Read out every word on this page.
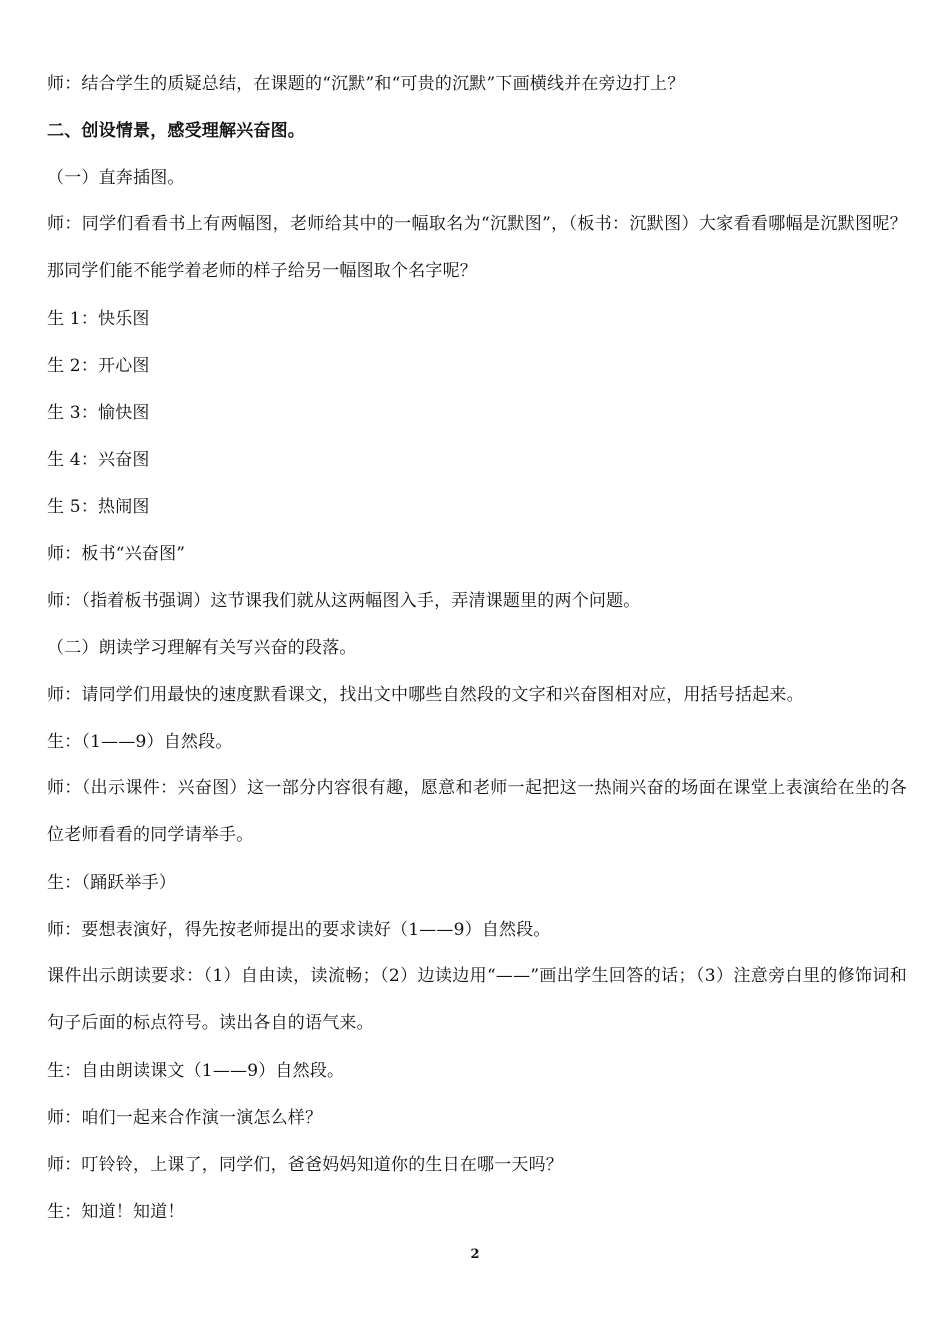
师：结合学生的质疑总结，在课题的“沉默”和“可贵的沉默”下画横线并在旁边打上？
二、创设情景，感受理解兴奋图。
（一）直奔插图。
师：同学们看看书上有两幅图，老师给其中的一幅取名为“沉默图”，（板书：沉默图）大家看看哪幅是沉默图呢？那同学们能不能学着老师的样子给另一幅图取个名字呢？
生 1：快乐图
生 2：开心图
生 3：愉快图
生 4：兴奋图
生 5：热闹图
师：板书“兴奋图”
师：（指着板书强调）这节课我们就从这两幅图入手，弄清课题里的两个问题。
（二）朗读学习理解有关写兴奋的段落。
师：请同学们用最快的速度默看课文，找出文中哪些自然段的文字和兴奋图相对应，用括号括起来。
生：（1——9）自然段。
师：（出示课件：兴奋图）这一部分内容很有趣，愿意和老师一起把这一热闹兴奋的场面在课堂上表演给在坐的各位老师看看的同学请举手。
生：（踊跃举手）
师：要想表演好，得先按老师提出的要求读好（1——9）自然段。
课件出示朗读要求：（1）自由读，读流畅；（2）边读边用“——”画出学生回答的话；（3）注意旁白里的修饰词和句子后面的标点符号。读出各自的语气来。
生：自由朗读课文（1——9）自然段。
师：咱们一起来合作演一演怎么样？
师：叮铃铃，上课了，同学们，爸爸妈妈知道你的生日在哪一天吗？
生：知道！知道！
2
